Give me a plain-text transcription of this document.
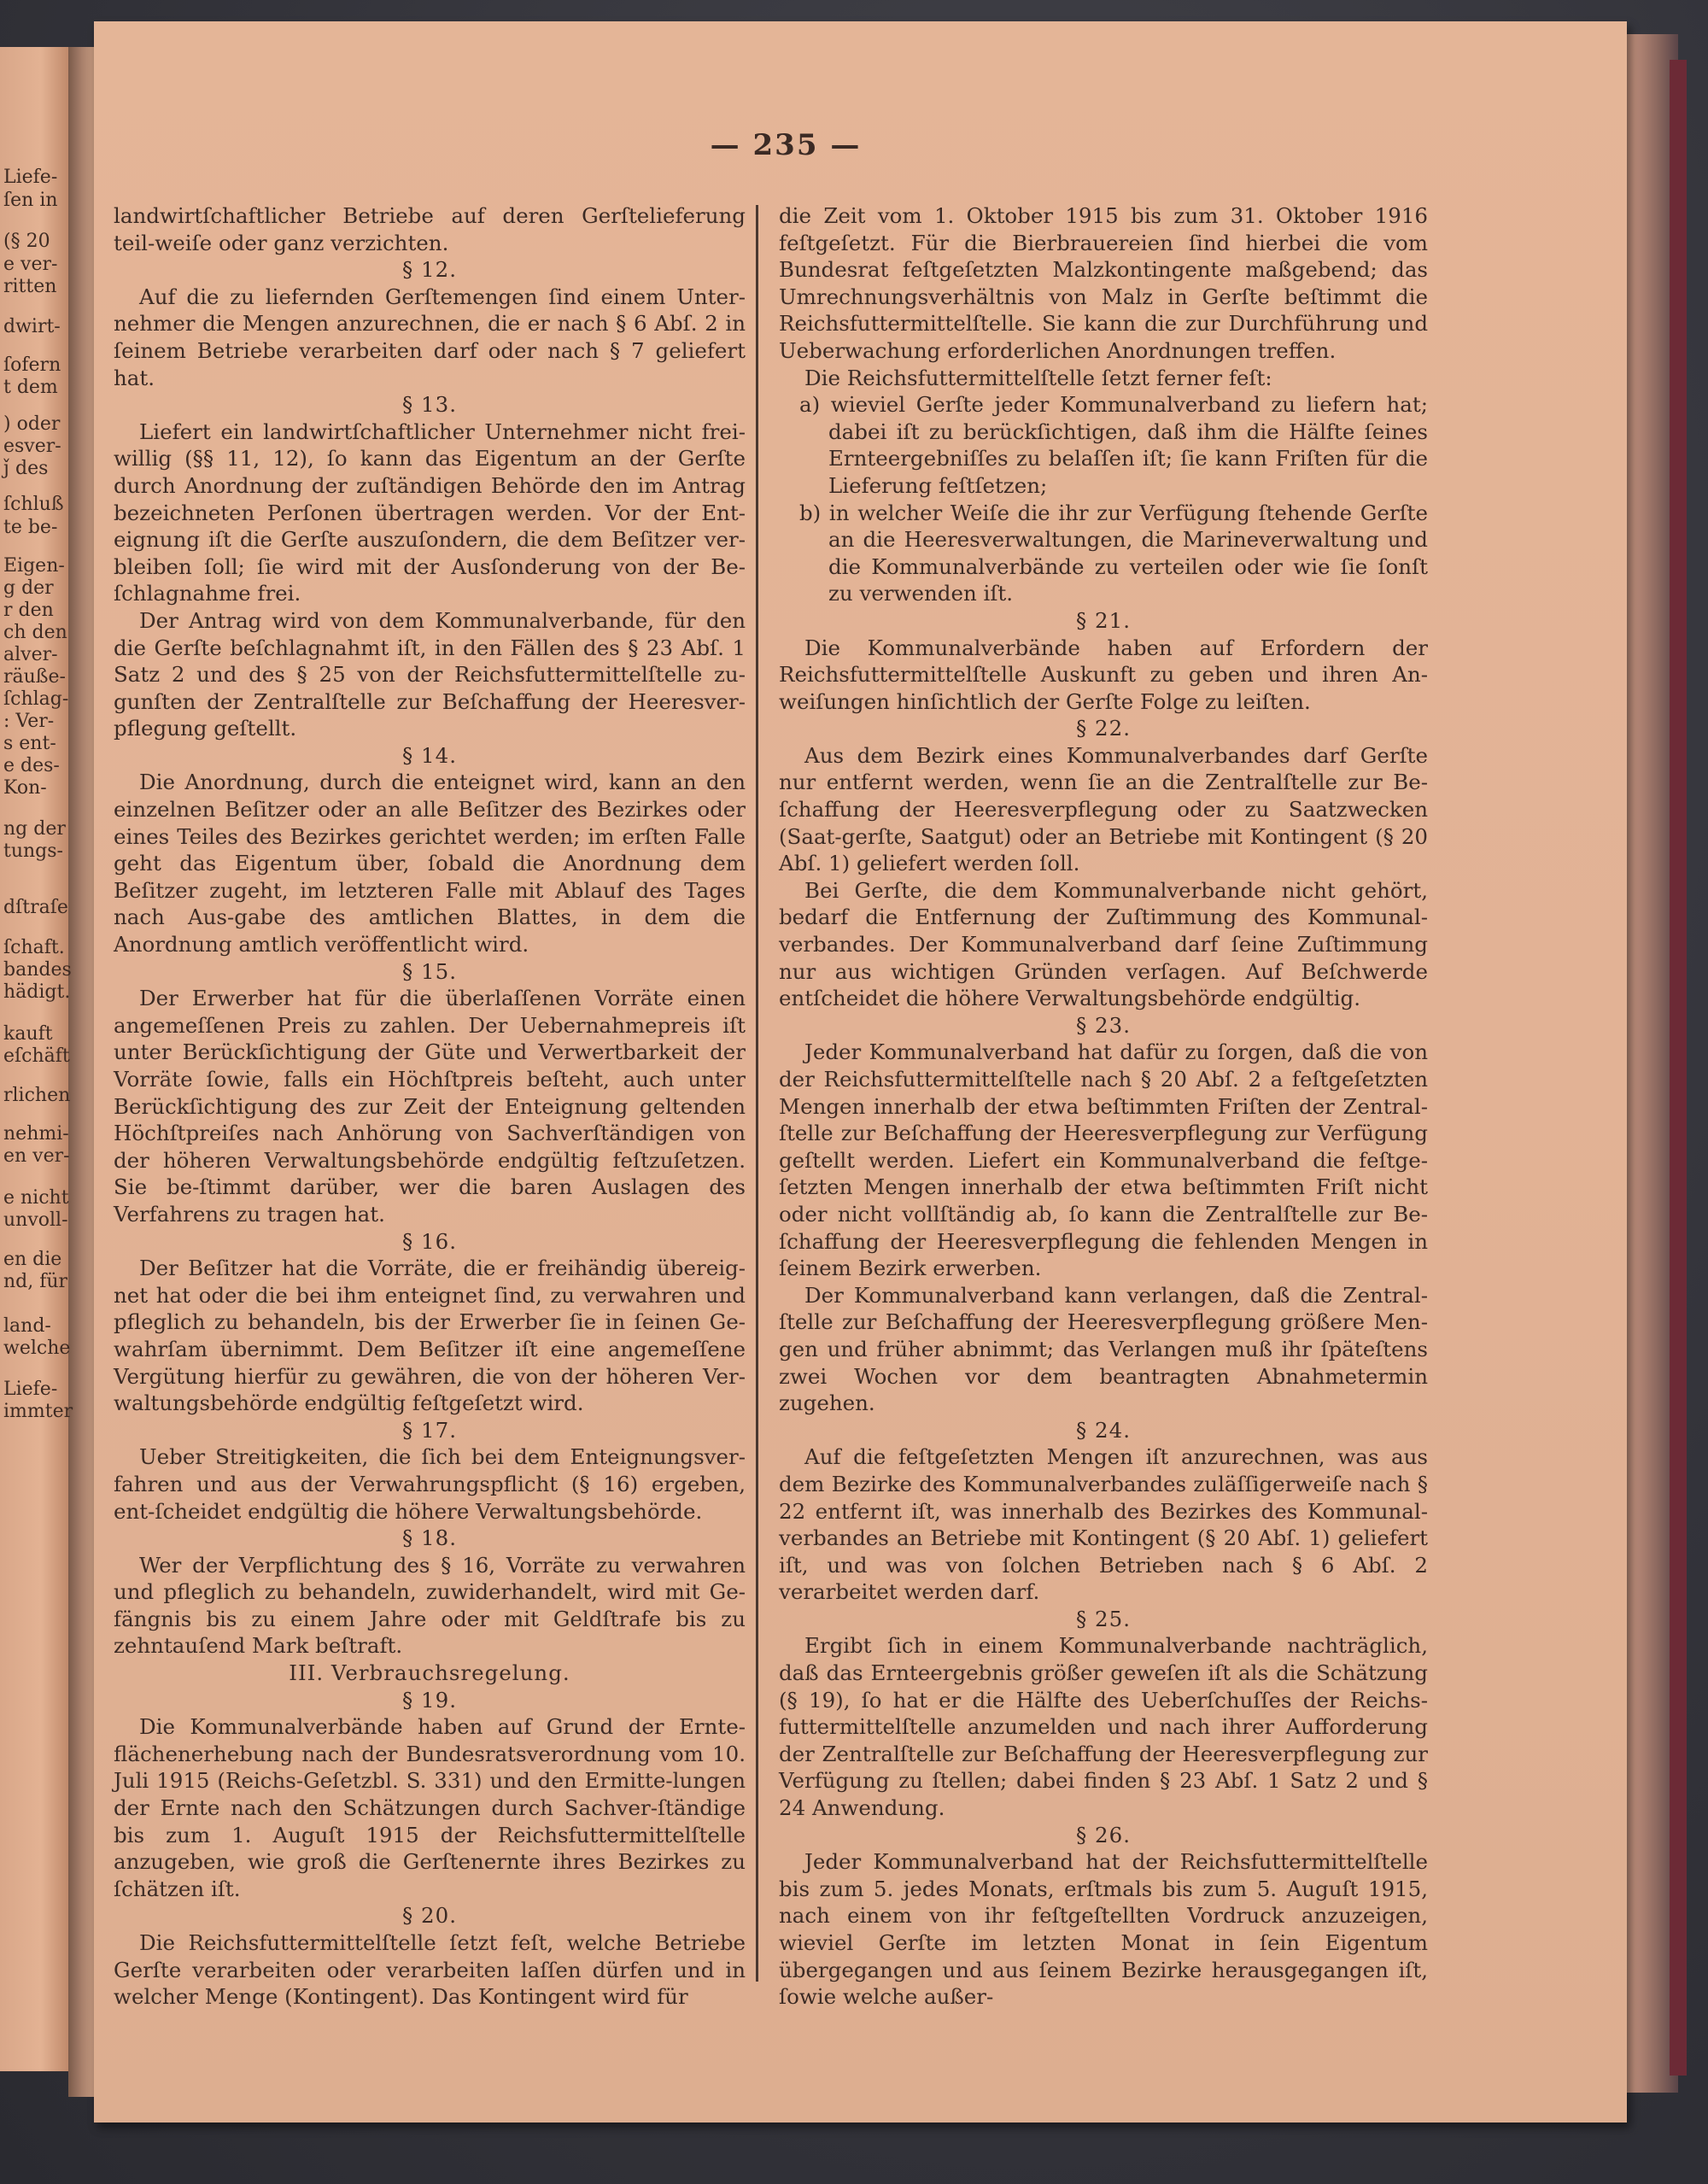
Liefe-
ſen in
(§ 20
e ver-
ritten
dwirt-
ſofern
t dem
) oder
esver-
ǰ des
ſchluß
te be-
Eigen-
g der
r den
ch den
alver-
räuße-
ſchlag-
: Ver-
s ent-
e des-
Kon-
ng der
tungs-
dſtraſe
ſchaft.
bandes
hädigt.
kauft
eſchäft
rlichen
nehmi-
en ver-
e nicht
unvoll-
en die
nd, für
land-
welche
Liefe-
immter
— 235 —

landwirtſchaftlicher Betriebe auf deren Gerſtelieferung teil-weiſe oder ganz verzichten.

§ 12.

Auf die zu liefernden Gerſtemengen ſind einem Unter-nehmer die Mengen anzurechnen, die er nach § 6 Abſ. 2 in ſeinem Betriebe verarbeiten darf oder nach § 7 geliefert hat.

§ 13.

Liefert ein landwirtſchaftlicher Unternehmer nicht frei-willig (§§ 11, 12), ſo kann das Eigentum an der Gerſte durch Anordnung der zuſtändigen Behörde den im Antrag bezeichneten Perſonen übertragen werden. Vor der Ent-eignung iſt die Gerſte auszuſondern, die dem Beſitzer ver-bleiben ſoll; ſie wird mit der Ausſonderung von der Be-ſchlagnahme frei.

Der Antrag wird von dem Kommunalverbande, für den die Gerſte beſchlagnahmt iſt, in den Fällen des § 23 Abſ. 1 Satz 2 und des § 25 von der Reichsfuttermittelſtelle zu-gunſten der Zentralſtelle zur Beſchaffung der Heeresver-pflegung geſtellt.

§ 14.

Die Anordnung, durch die enteignet wird, kann an den einzelnen Beſitzer oder an alle Beſitzer des Bezirkes oder eines Teiles des Bezirkes gerichtet werden; im erſten Falle geht das Eigentum über, ſobald die Anordnung dem Beſitzer zugeht, im letzteren Falle mit Ablauf des Tages nach Aus-gabe des amtlichen Blattes, in dem die Anordnung amtlich veröffentlicht wird.

§ 15.

Der Erwerber hat für die überlaſſenen Vorräte einen angemeſſenen Preis zu zahlen. Der Uebernahmepreis iſt unter Berückſichtigung der Güte und Verwertbarkeit der Vorräte ſowie, falls ein Höchſtpreis beſteht, auch unter Berückſichtigung des zur Zeit der Enteignung geltenden Höchſtpreiſes nach Anhörung von Sachverſtändigen von der höheren Verwaltungsbehörde endgültig feſtzuſetzen. Sie be-ſtimmt darüber, wer die baren Auslagen des Verfahrens zu tragen hat.

§ 16.

Der Beſitzer hat die Vorräte, die er freihändig übereig-net hat oder die bei ihm enteignet ſind, zu verwahren und pfleglich zu behandeln, bis der Erwerber ſie in ſeinen Ge-wahrſam übernimmt. Dem Beſitzer iſt eine angemeſſene Vergütung hierfür zu gewähren, die von der höheren Ver-waltungsbehörde endgültig feſtgeſetzt wird.

§ 17.

Ueber Streitigkeiten, die ſich bei dem Enteignungsver-fahren und aus der Verwahrungspflicht (§ 16) ergeben, ent-ſcheidet endgültig die höhere Verwaltungsbehörde.

§ 18.

Wer der Verpflichtung des § 16, Vorräte zu verwahren und pfleglich zu behandeln, zuwiderhandelt, wird mit Ge-fängnis bis zu einem Jahre oder mit Geldſtrafe bis zu zehntauſend Mark beſtraft.

III. Verbrauchsregelung.

§ 19.

Die Kommunalverbände haben auf Grund der Ernte-flächenerhebung nach der Bundesratsverordnung vom 10. Juli 1915 (Reichs-Geſetzbl. S. 331) und den Ermitte-lungen der Ernte nach den Schätzungen durch Sachver-ſtändige bis zum 1. Auguſt 1915 der Reichsfuttermittelſtelle anzugeben, wie groß die Gerſtenernte ihres Bezirkes zu ſchätzen iſt.

§ 20.

Die Reichsfuttermittelſtelle ſetzt feſt, welche Betriebe Gerſte verarbeiten oder verarbeiten laſſen dürfen und in welcher Menge (Kontingent). Das Kontingent wird für

die Zeit vom 1. Oktober 1915 bis zum 31. Oktober 1916 feſtgeſetzt. Für die Bierbrauereien ſind hierbei die vom Bundesrat feſtgeſetzten Malzkontingente maßgebend; das Umrechnungsverhältnis von Malz in Gerſte beſtimmt die Reichsfuttermittelſtelle. Sie kann die zur Durchführung und Ueberwachung erforderlichen Anordnungen treffen.

Die Reichsfuttermittelſtelle ſetzt ferner feſt:

a) wieviel Gerſte jeder Kommunalverband zu liefern hat; dabei iſt zu berückſichtigen, daß ihm die Hälfte ſeines Ernteergebniſſes zu belaſſen iſt; ſie kann Friſten für die Lieferung feſtſetzen;

b) in welcher Weiſe die ihr zur Verfügung ſtehende Gerſte an die Heeresverwaltungen, die Marineverwaltung und die Kommunalverbände zu verteilen oder wie ſie ſonſt zu verwenden iſt.

§ 21.

Die Kommunalverbände haben auf Erfordern der Reichsfuttermittelſtelle Auskunft zu geben und ihren An-weiſungen hinſichtlich der Gerſte Folge zu leiſten.

§ 22.

Aus dem Bezirk eines Kommunalverbandes darf Gerſte nur entfernt werden, wenn ſie an die Zentralſtelle zur Be-ſchaffung der Heeresverpflegung oder zu Saatzwecken (Saat-gerſte, Saatgut) oder an Betriebe mit Kontingent (§ 20 Abſ. 1) geliefert werden ſoll.

Bei Gerſte, die dem Kommunalverbande nicht gehört, bedarf die Entfernung der Zuſtimmung des Kommunal-verbandes. Der Kommunalverband darf ſeine Zuſtimmung nur aus wichtigen Gründen verſagen. Auf Beſchwerde entſcheidet die höhere Verwaltungsbehörde endgültig.

§ 23.

Jeder Kommunalverband hat dafür zu ſorgen, daß die von der Reichsfuttermittelſtelle nach § 20 Abſ. 2 a feſtgeſetzten Mengen innerhalb der etwa beſtimmten Friſten der Zentral-ſtelle zur Beſchaffung der Heeresverpflegung zur Verfügung geſtellt werden. Liefert ein Kommunalverband die feſtge-ſetzten Mengen innerhalb der etwa beſtimmten Friſt nicht oder nicht vollſtändig ab, ſo kann die Zentralſtelle zur Be-ſchaffung der Heeresverpflegung die fehlenden Mengen in ſeinem Bezirk erwerben.

Der Kommunalverband kann verlangen, daß die Zentral-ſtelle zur Beſchaffung der Heeresverpflegung größere Men-gen und früher abnimmt; das Verlangen muß ihr ſpäteſtens zwei Wochen vor dem beantragten Abnahmetermin zugehen.

§ 24.

Auf die feſtgeſetzten Mengen iſt anzurechnen, was aus dem Bezirke des Kommunalverbandes zuläſſigerweiſe nach § 22 entfernt iſt, was innerhalb des Bezirkes des Kommunal-verbandes an Betriebe mit Kontingent (§ 20 Abſ. 1) geliefert iſt, und was von ſolchen Betrieben nach § 6 Abſ. 2 verarbeitet werden darf.

§ 25.

Ergibt ſich in einem Kommunalverbande nachträglich, daß das Ernteergebnis größer geweſen iſt als die Schätzung (§ 19), ſo hat er die Hälfte des Ueberſchuſſes der Reichs-futtermittelſtelle anzumelden und nach ihrer Aufforderung der Zentralſtelle zur Beſchaffung der Heeresverpflegung zur Verfügung zu ſtellen; dabei finden § 23 Abſ. 1 Satz 2 und § 24 Anwendung.

§ 26.

Jeder Kommunalverband hat der Reichsfuttermittelſtelle bis zum 5. jedes Monats, erſtmals bis zum 5. Auguſt 1915, nach einem von ihr feſtgeſtellten Vordruck anzuzeigen, wieviel Gerſte im letzten Monat in ſein Eigentum übergegangen und aus ſeinem Bezirke herausgegangen iſt, ſowie welche außer-
